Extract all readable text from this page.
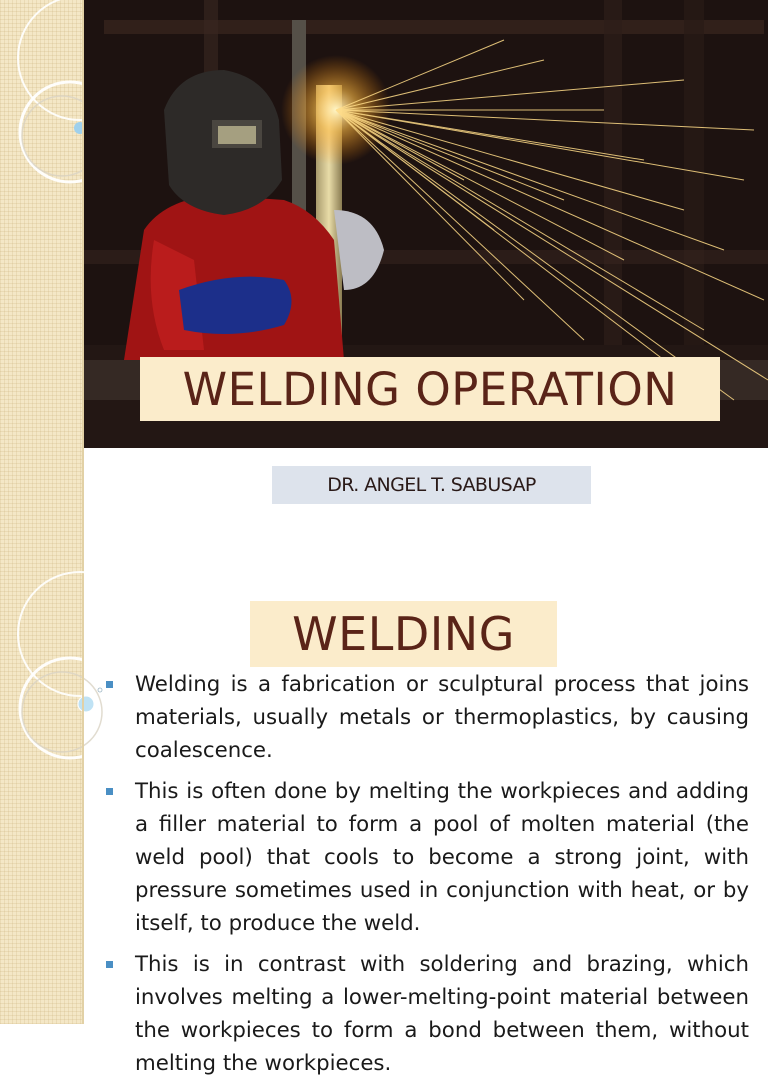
WELDING OPERATION
DR. ANGEL T. SABUSAP
WELDING
Welding is a fabrication or sculptural process that joins materials, usually metals or thermoplastics, by causing coalescence.
This is often done by melting the workpieces and adding a filler material to form a pool of molten material (the weld pool) that cools to become a strong joint, with pressure sometimes used in conjunction with heat, or by itself, to produce the weld.
This is in contrast with soldering and brazing, which involves melting a lower-melting-point material between the workpieces to form a bond between them, without melting the workpieces.
